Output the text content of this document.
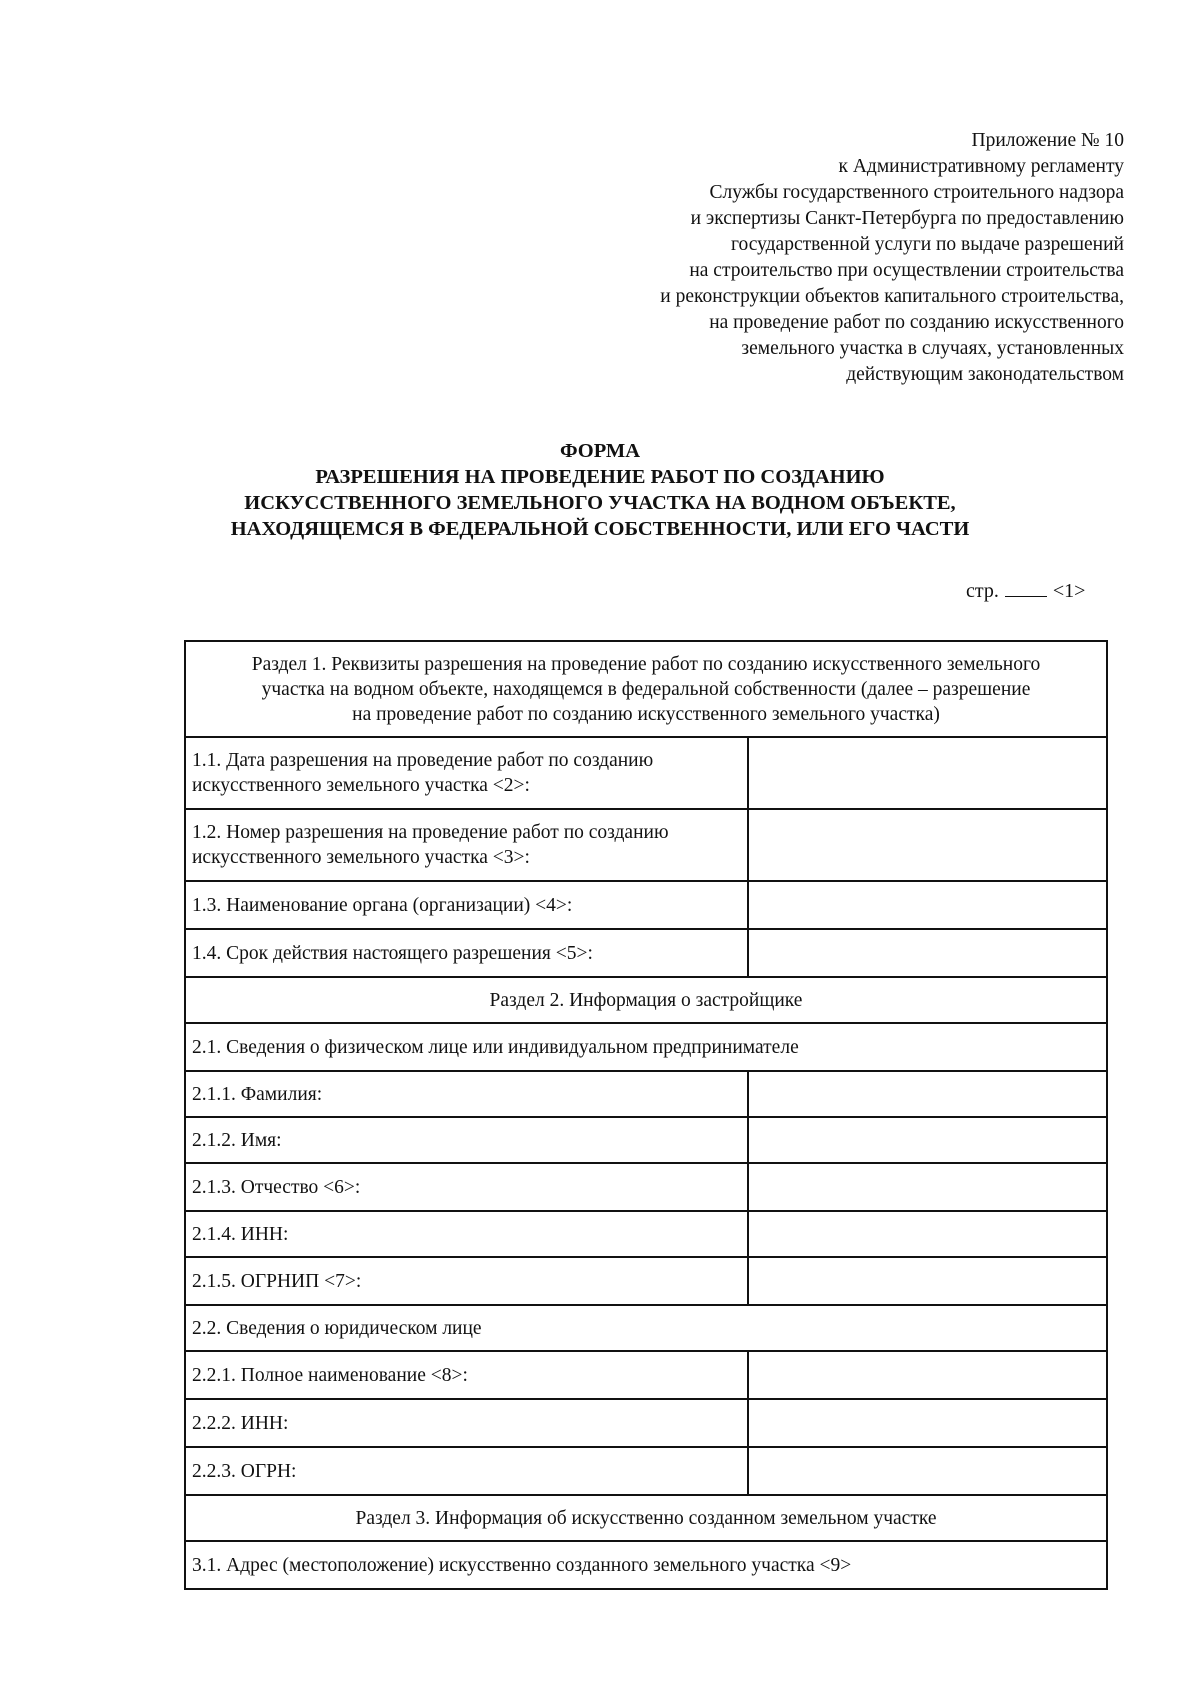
Приложение № 10
к Административному регламенту
Службы государственного строительного надзора
и экспертизы Санкт-Петербурга по предоставлению
государственной услуги по выдаче разрешений
на строительство при осуществлении строительства
и реконструкции объектов капитального строительства,
на проведение работ по созданию искусственного
земельного участка в случаях, установленных
действующим законодательством
ФОРМА
РАЗРЕШЕНИЯ НА ПРОВЕДЕНИЕ РАБОТ ПО СОЗДАНИЮ
ИСКУССТВЕННОГО ЗЕМЕЛЬНОГО УЧАСТКА НА ВОДНОМ ОБЪЕКТЕ,
НАХОДЯЩЕМСЯ В ФЕДЕРАЛЬНОЙ СОБСТВЕННОСТИ, ИЛИ ЕГО ЧАСТИ
стр.	<1>
Раздел 1. Реквизиты разрешения на проведение работ по созданию искусственного земельного
участка на водном объекте, находящемся в федеральной собственности (далее – разрешение
на проведение работ по созданию искусственного земельного участка)	

1.1. Дата разрешения на проведение работ по созданию
искусственного земельного участка <2>:	

1.2. Номер разрешения на проведение работ по созданию
искусственного земельного участка <3>:	

1.3. Наименование органа (организации) <4>:	
1.4. Срок действия настоящего разрешения <5>:	
Раздел 2. Информация о застройщике	
2.1. Сведения о физическом лице или индивидуальном предпринимателе	
2.1.1. Фамилия:	
2.1.2. Имя:	
2.1.3. Отчество <6>:	
2.1.4. ИНН:	
2.1.5. ОГРНИП <7>:	
2.2. Сведения о юридическом лице	
2.2.1. Полное наименование <8>:	
2.2.2. ИНН:	
2.2.3. ОГРН:	
Раздел 3. Информация об искусственно созданном земельном участке	
3.1. Адрес (местоположение) искусственно созданного земельного участка <9>	
